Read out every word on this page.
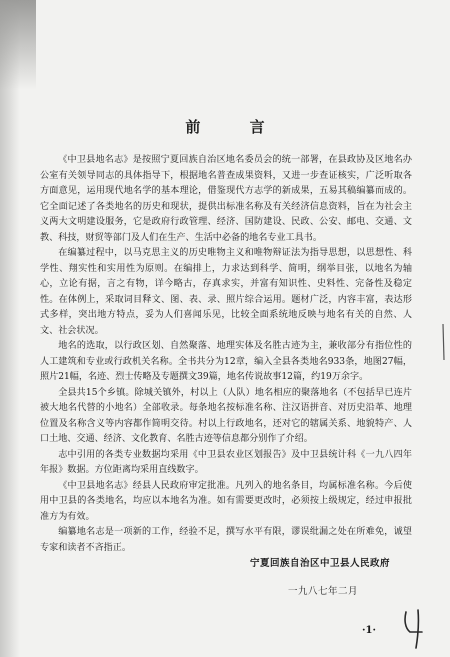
前 言

《中卫县地名志》是按照宁夏回族自治区地名委员会的统一部署，在县政协及区地名办公室有关领导同志的具体指导下，根据地名普查成果资料，又进一步查证核实，广泛听取各方面意见，运用现代地名学的基本理论，借鉴现代方志学的新成果，五易其稿编纂而成的。它全面记述了各类地名的历史和现状，提供出标准名称及有关经济信息资料，旨在为社会主义两大文明建设服务，它是政府行政管理、经济、国防建设、民政、公安、邮电、交通、文教、科技，财贸等部门及人们在生产、生活中必备的地名专业工具书。

在编纂过程中，以马克思主义的历史唯物主义和唯物辩证法为指导思想，以思想性、科学性、翔实性和实用性为原则。在编排上，力求达到科学、简明，纲举目张，以地名为轴心，立论有据，言之有物，详今略古，存真求实，并富有知识性、史料性、完备性及稳定性。在体例上，采取词目释文、图、表、录、照片综合运用。题材广泛，内容丰富，表达形式多样，突出地方特点，妥为人们喜闻乐见，比较全面系统地反映与地名有关的自然、人文、社会状况。

地名的选取，以行政区划、自然聚落、地理实体及名胜古迹为主，兼收部分有指位性的人工建筑和专业或行政机关名称。全书共分为12章，编入全县各类地名933条，地图27幅，照片21幅，名迹、烈士传略及专题撰文39篇，地名传说故事12篇，约19万余字。

全县共15个乡镇。除城关镇外，村以上（人队）地名相应的聚落地名（不包括早已连片被大地名代替的小地名）全部收录。每条地名按标准名称、注汉语拼音、对历史沿革、地理位置及名称含义等内容都作简明交待。村以上行政地名，还对它的辖属关系、地貌特产、人口土地、交通、经济、文化教育、名胜古迹等信息都分别作了介绍。

志中引用的各类专业数据均采用《中卫县农业区划报告》及中卫县统计科《一九八四年年报》数据。方位距离均采用直线数字。

《中卫县地名志》经县人民政府审定批准。凡列入的地名条目，均属标准名称。今后使用中卫县的各类地名，均应以本地名为准。如有需要更改时，必须按上级规定，经过申报批准方为有效。

编纂地名志是一项新的工作，经验不足，撰写水平有限，谬误纰漏之处在所难免，诚望专家和读者不吝指正。

宁夏回族自治区中卫县人民政府
一九八七年二月
·1·
